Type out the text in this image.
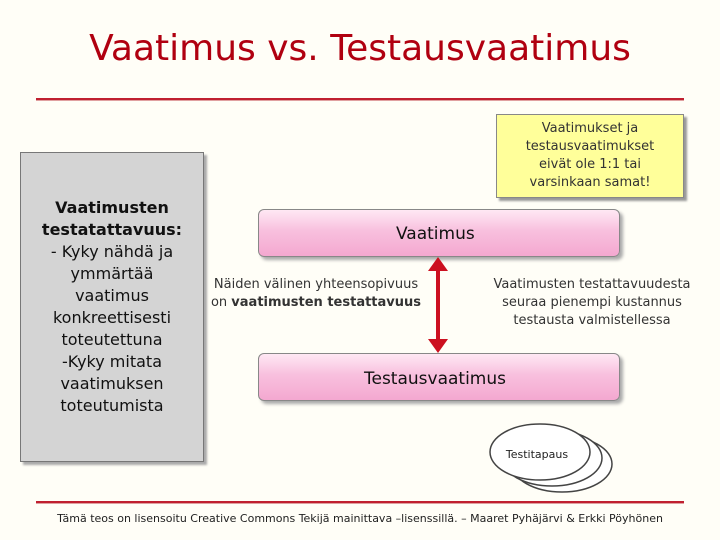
Vaatimus vs. Testausvaatimus
Vaatimukset ja
testausvaatimukset
eivät ole 1:1 tai
varsinkaan samat!
Vaatimusten
testatattavuus:
- Kyky nähdä ja
ymmärtää
vaatimus
konkreettisesti
toteutettuna
-Kyky mitata
vaatimuksen
toteutumista
Vaatimus
Näiden välinen yhteensopivuus
on vaatimusten testattavuus
Vaatimusten testattavuudesta
seuraa pienempi kustannus
testausta valmistellessa
Testausvaatimus
Testitapaus
Tämä teos on lisensoitu Creative Commons Tekijä mainittava –lisenssillä. – Maaret Pyhäjärvi & Erkki Pöyhönen
